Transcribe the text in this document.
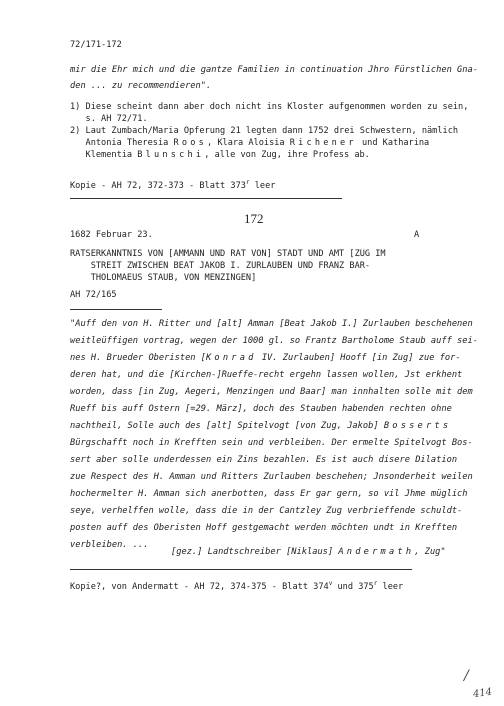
72/171-172
mir die Ehr mich und die gantze Familien in continuation Jhro Fürstlichen Gna-
den ... zu recommendieren".
1) Diese scheint dann aber doch nicht ins Kloster aufgenommen worden zu sein,
s. AH 72/71.
2) Laut Zumbach/Maria Opferung 21 legten dann 1752 drei Schwestern, nämlich
Antonia Theresia Roos, Klara Aloisia Richener und Katharina
Klementia Blunschi, alle von Zug, ihre Profess ab.
Kopie - AH 72, 372-373 - Blatt 373$^r$ leer
172
1682 Februar 23.	A
RATSERKANNTNIS VON [AMMANN UND RAT VON] STADT UND AMT [ZUG IM
STREIT ZWISCHEN BEAT JAKOB I. ZURLAUBEN UND FRANZ BAR-
THOLOMAEUS STAUB, VON MENZINGEN]
AH 72/165
"Auff den von H. Ritter und [alt] Amman [Beat Jakob I.] Zurlauben beschehenen
weitleüffigen vortrag, wegen der 1000 gl. so Frantz Bartholome Staub auff sei-
nes H. Brueder Oberisten [Konrad IV. Zurlauben] Hooff [in Zug] zue for-
deren hat, und die [Kirchen-]Rueffe-recht ergehn lassen wollen, Jst erkhent
worden, dass [in Zug, Aegeri, Menzingen und Baar] man innhalten solle mit dem
Rueff bis auff Ostern [=29. März], doch des Stauben habenden rechten ohne
nachtheil, Solle auch des [alt] Spitelvogt [von Zug, Jakob] Bosserts
Bürgschafft noch in Krefften sein und verbleiben. Der ermelte Spitelvogt Bos-
sert aber solle underdessen ein Zins bezahlen. Es ist auch disere Dilation
zue Respect des H. Amman und Ritters Zurlauben beschehen; Jnsonderheit weilen
hochermelter H. Amman sich anerbotten, dass Er gar gern, so vil Jhme müglich
seye, verhelffen wolle, dass die in der Cantzley Zug verbrieffende schuldt-
posten auff des Oberisten Hoff gestgemacht werden möchten undt in Krefften
verbleiben. ...
[gez.] Landtschreiber [Niklaus] Andermath, Zug"
Kopie?, von Andermatt - AH 72, 374-375 - Blatt 374$^v$ und 375$^r$ leer
/
414
